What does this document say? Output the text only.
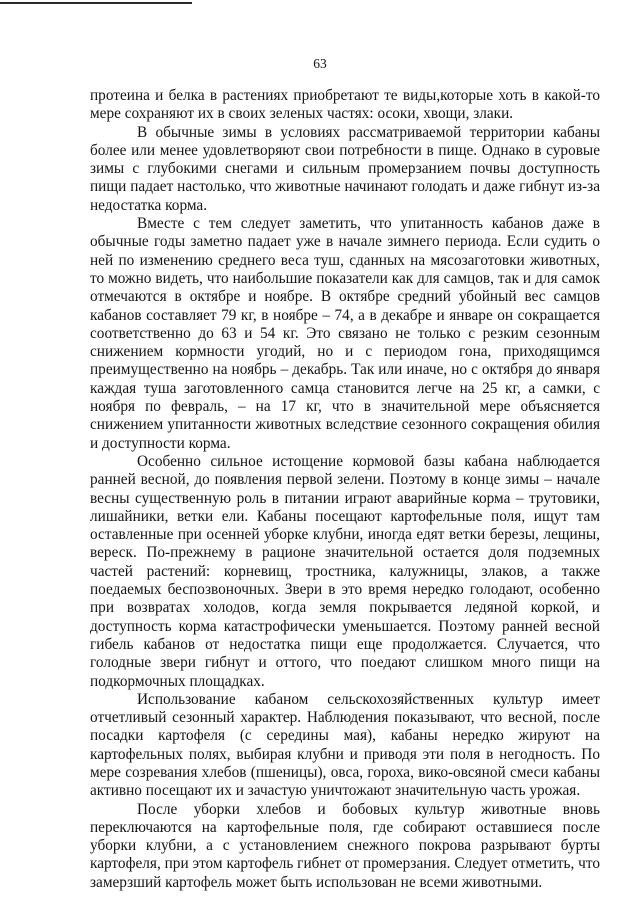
63

протеина и белка в растениях приобретают те виды,которые хоть в какой-то мере сохраняют их в своих зеленых частях: осоки, хвощи, злаки.

В обычные зимы в условиях рассматриваемой территории кабаны более или менее удовлетворяют свои потребности в пище. Однако в суровые зимы с глубокими снегами и сильным промерзанием почвы доступность пищи падает настолько, что животные начинают голодать и даже гибнут из-за недостатка корма.

Вместе с тем следует заметить, что упитанность кабанов даже в обычные годы заметно падает уже в начале зимнего периода. Если судить о ней по изменению среднего веса туш, сданных на мясозаготовки животных, то можно видеть, что наибольшие показатели как для самцов, так и для самок отмечаются в октябре и ноябре. В октябре средний убойный вес самцов кабанов составляет 79 кг, в ноябре – 74, а в декабре и январе он сокращается соответственно до 63 и 54 кг. Это связано не только с резким сезонным снижением кормности угодий, но и с периодом гона, приходящимся преимущественно на ноябрь – декабрь. Так или иначе, но с октября до января каждая туша заготовленного самца становится легче на 25 кг, а самки, с ноября по февраль, – на 17 кг, что в значительной мере объясняется снижением упитанности животных вследствие сезонного сокращения обилия и доступности корма.

Особенно сильное истощение кормовой базы кабана наблюдается ранней весной, до появления первой зелени. Поэтому в конце зимы – начале весны существенную роль в питании играют аварийные корма – трутовики, лишайники, ветки ели. Кабаны посещают картофельные поля, ищут там оставленные при осенней уборке клубни, иногда едят ветки березы, лещины, вереск. По-прежнему в рационе значительной остается доля подземных частей растений: корневищ, тростника, калужницы, злаков, а также поедаемых беспозвоночных. Звери в это время нередко голодают, особенно при возвратах холодов, когда земля покрывается ледяной коркой, и доступность корма катастрофически уменьшается. Поэтому ранней весной гибель кабанов от недостатка пищи еще продолжается. Случается, что голодные звери гибнут и оттого, что поедают слишком много пищи на подкормочных площадках.

Использование кабаном сельскохозяйственных культур имеет отчетливый сезонный характер. Наблюдения показывают, что весной, после посадки картофеля (с середины мая), кабаны нередко жируют на картофельных полях, выбирая клубни и приводя эти поля в негодность. По мере созревания хлебов (пшеницы), овса, гороха, вико-овсяной смеси кабаны активно посещают их и зачастую уничтожают значительную часть урожая.

После уборки хлебов и бобовых культур животные вновь переключаются на картофельные поля, где собирают оставшиеся после уборки клубни, а с установлением снежного покрова разрывают бурты картофеля, при этом картофель гибнет от промерзания. Следует отметить, что замерзший картофель может быть использован не всеми животными.
